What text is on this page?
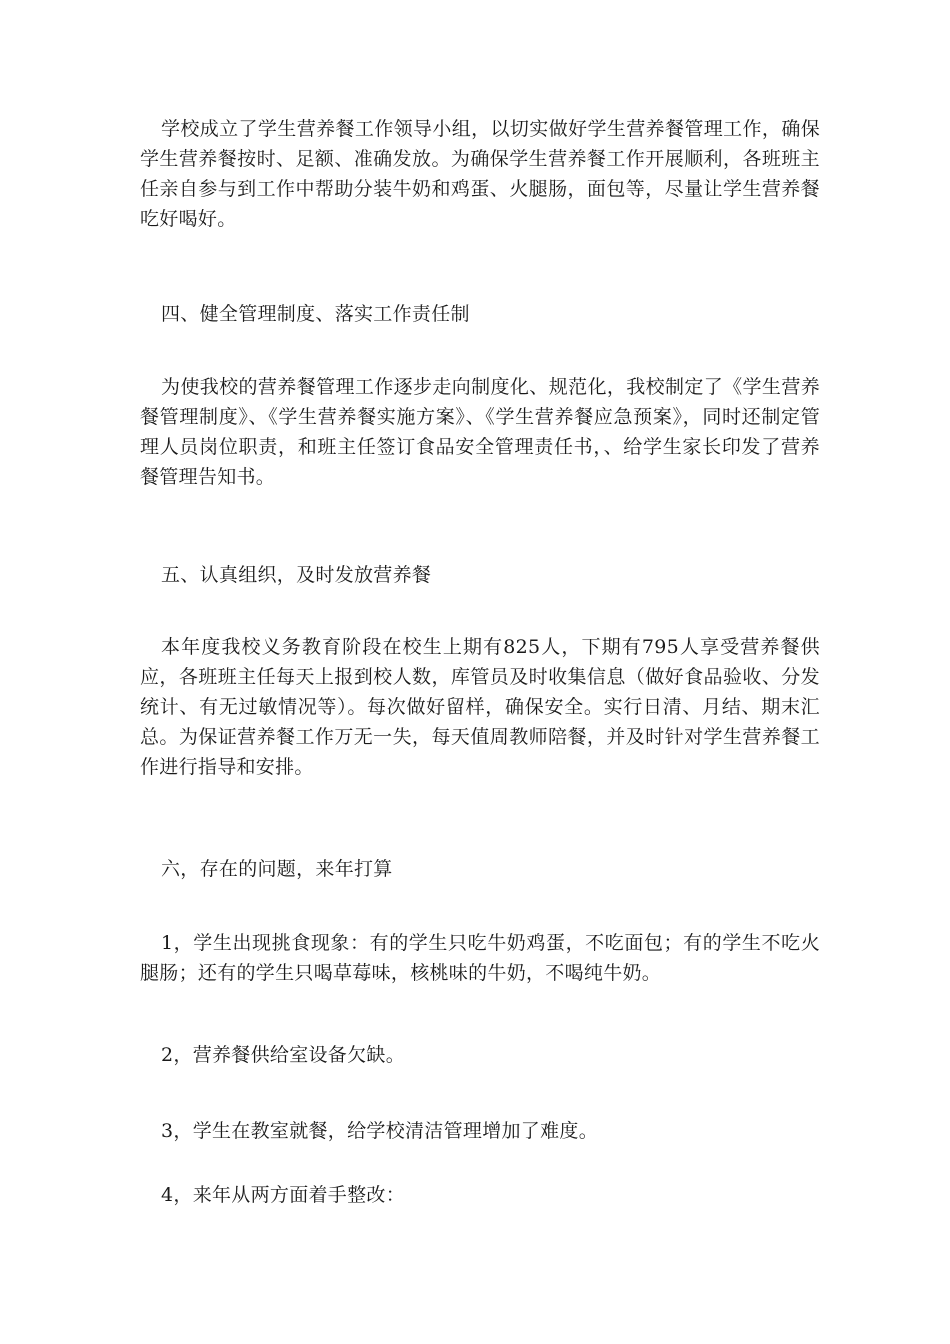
学校成立了学生营养餐工作领导小组，以切实做好学生营养餐管理工作，确保学生营养餐按时、足额、准确发放。为确保学生营养餐工作开展顺利，各班班主任亲自参与到工作中帮助分装牛奶和鸡蛋、火腿肠，面包等，尽量让学生营养餐吃好喝好。

四、健全管理制度、落实工作责任制

为使我校的营养餐管理工作逐步走向制度化、规范化，我校制定了《学生营养餐管理制度》、《学生营养餐实施方案》、《学生营养餐应急预案》，同时还制定管理人员岗位职责，和班主任签订食品安全管理责任书，、给学生家长印发了营养餐管理告知书。

五、认真组织，及时发放营养餐

本年度我校义务教育阶段在校生上期有825人，下期有795人享受营养餐供应，各班班主任每天上报到校人数，库管员及时收集信息（做好食品验收、分发统计、有无过敏情况等）。每次做好留样，确保安全。实行日清、月结、期末汇总。为保证营养餐工作万无一失，每天值周教师陪餐，并及时针对学生营养餐工作进行指导和安排。

六，存在的问题，来年打算

1，学生出现挑食现象：有的学生只吃牛奶鸡蛋，不吃面包；有的学生不吃火腿肠；还有的学生只喝草莓味，核桃味的牛奶，不喝纯牛奶。

2，营养餐供给室设备欠缺。

3，学生在教室就餐，给学校清洁管理增加了难度。

4，来年从两方面着手整改：
